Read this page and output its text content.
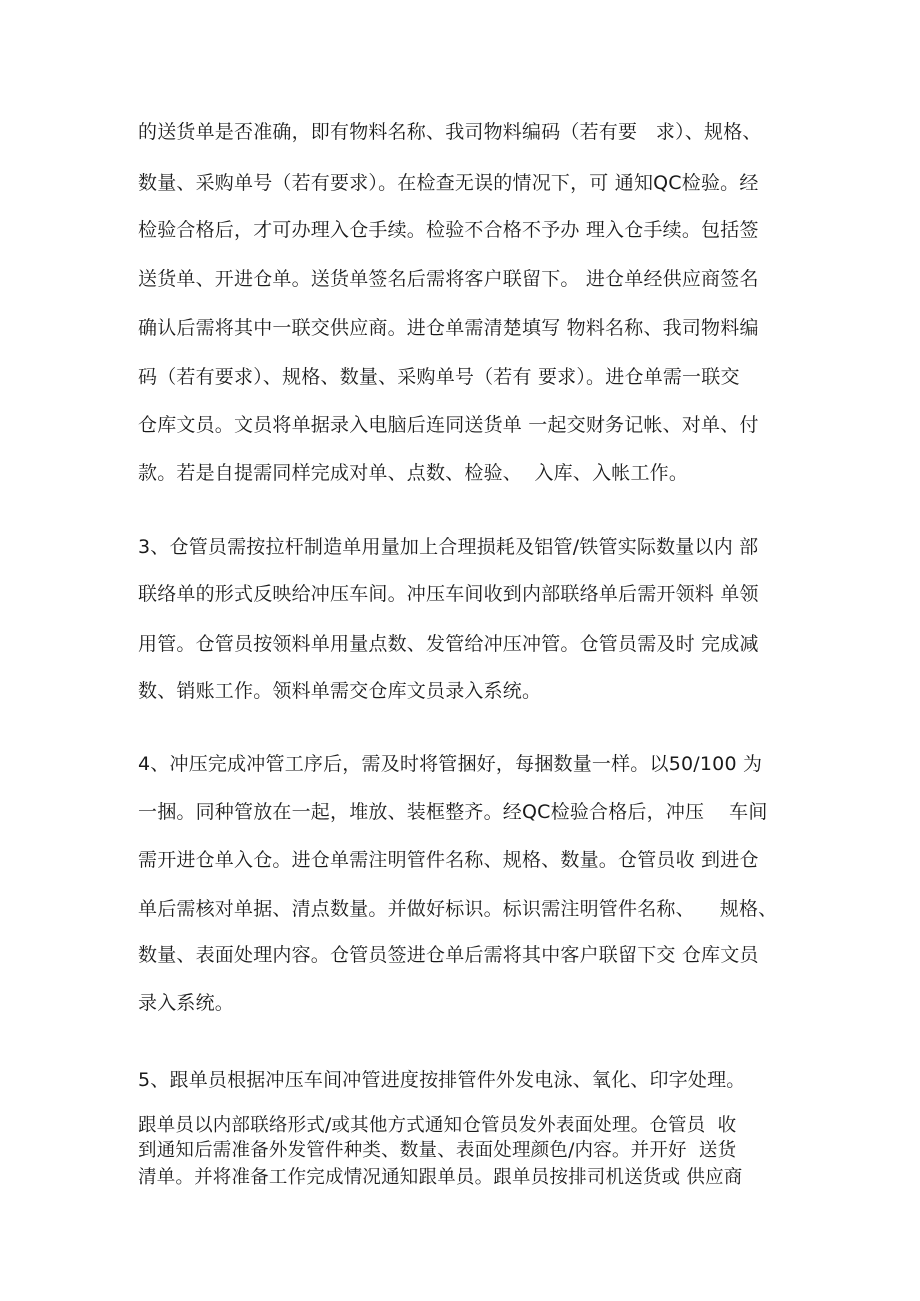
的送货单是否准确，即有物料名称、我司物料编码（若有要   求）、规格、
数量、采购单号（若有要求）。在检查无误的情况下，可 通知QC检验。经
检验合格后，才可办理入仓手续。检验不合格不予办 理入仓手续。包括签
送货单、开进仓单。送货单签名后需将客户联留下。 进仓单经供应商签名
确认后需将其中一联交供应商。进仓单需清楚填写 物料名称、我司物料编
码（若有要求）、规格、数量、采购单号（若有 要求）。进仓单需一联交
仓库文员。文员将单据录入电脑后连同送货单 一起交财务记帐、对单、付
款。若是自提需同样完成对单、点数、检验、  入库、入帐工作。
3、仓管员需按拉杆制造单用量加上合理损耗及铝管/铁管实际数量以内 部
联络单的形式反映给冲压车间。冲压车间收到内部联络单后需开领料 单领
用管。仓管员按领料单用量点数、发管给冲压冲管。仓管员需及时 完成减
数、销账工作。领料单需交仓库文员录入系统。
4、冲压完成冲管工序后，需及时将管捆好，每捆数量一样。以50/100 为
一捆。同种管放在一起，堆放、装框整齐。经QC检验合格后，冲压    车间
需开进仓单入仓。进仓单需注明管件名称、规格、数量。仓管员收 到进仓
单后需核对单据、清点数量。并做好标识。标识需注明管件名称、    规格、
数量、表面处理内容。仓管员签进仓单后需将其中客户联留下交 仓库文员
录入系统。
5、跟单员根据冲压车间冲管进度按排管件外发电泳、氧化、印字处理。
跟单员以内部联络形式/或其他方式通知仓管员发外表面处理。仓管员  收
到通知后需准备外发管件种类、数量、表面处理颜色/内容。并开好  送货
清单。并将准备工作完成情况通知跟单员。跟单员按排司机送货或 供应商
